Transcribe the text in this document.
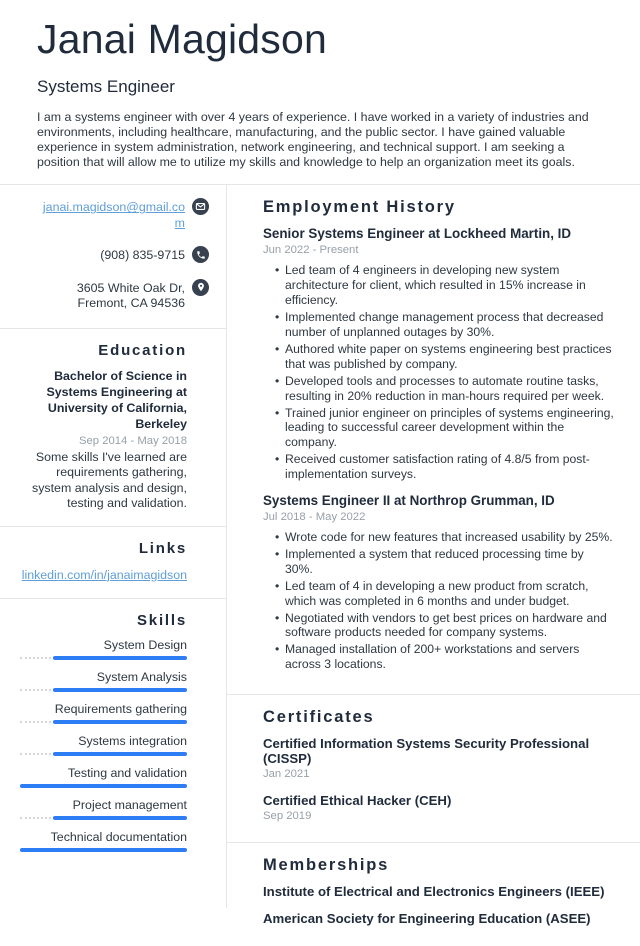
Janai Magidson
Systems Engineer
I am a systems engineer with over 4 years of experience. I have worked in a variety of industries and environments, including healthcare, manufacturing, and the public sector. I have gained valuable experience in system administration, network engineering, and technical support. I am seeking a position that will allow me to utilize my skills and knowledge to help an organization meet its goals.
janai.magidson@gmail.com
(908) 835-9715
3605 White Oak Dr, Fremont, CA 94536
Education
Bachelor of Science in Systems Engineering at University of California, Berkeley
Sep 2014 - May 2018
Some skills I've learned are requirements gathering, system analysis and design, testing and validation.
Links
linkedin.com/in/janaimagidson
Skills
System Design
System Analysis
Requirements gathering
Systems integration
Testing and validation
Project management
Technical documentation
Employment History
Senior Systems Engineer at Lockheed Martin, ID
Jun 2022 - Present
• Led team of 4 engineers in developing new system architecture for client, which resulted in 15% increase in efficiency.
• Implemented change management process that decreased number of unplanned outages by 30%.
• Authored white paper on systems engineering best practices that was published by company.
• Developed tools and processes to automate routine tasks, resulting in 20% reduction in man-hours required per week.
• Trained junior engineer on principles of systems engineering, leading to successful career development within the company.
• Received customer satisfaction rating of 4.8/5 from post-implementation surveys.
Systems Engineer II at Northrop Grumman, ID
Jul 2018 - May 2022
• Wrote code for new features that increased usability by 25%.
• Implemented a system that reduced processing time by 30%.
• Led team of 4 in developing a new product from scratch, which was completed in 6 months and under budget.
• Negotiated with vendors to get best prices on hardware and software products needed for company systems.
• Managed installation of 200+ workstations and servers across 3 locations.
Certificates
Certified Information Systems Security Professional (CISSP)
Jan 2021
Certified Ethical Hacker (CEH)
Sep 2019
Memberships
Institute of Electrical and Electronics Engineers (IEEE)
American Society for Engineering Education (ASEE)
